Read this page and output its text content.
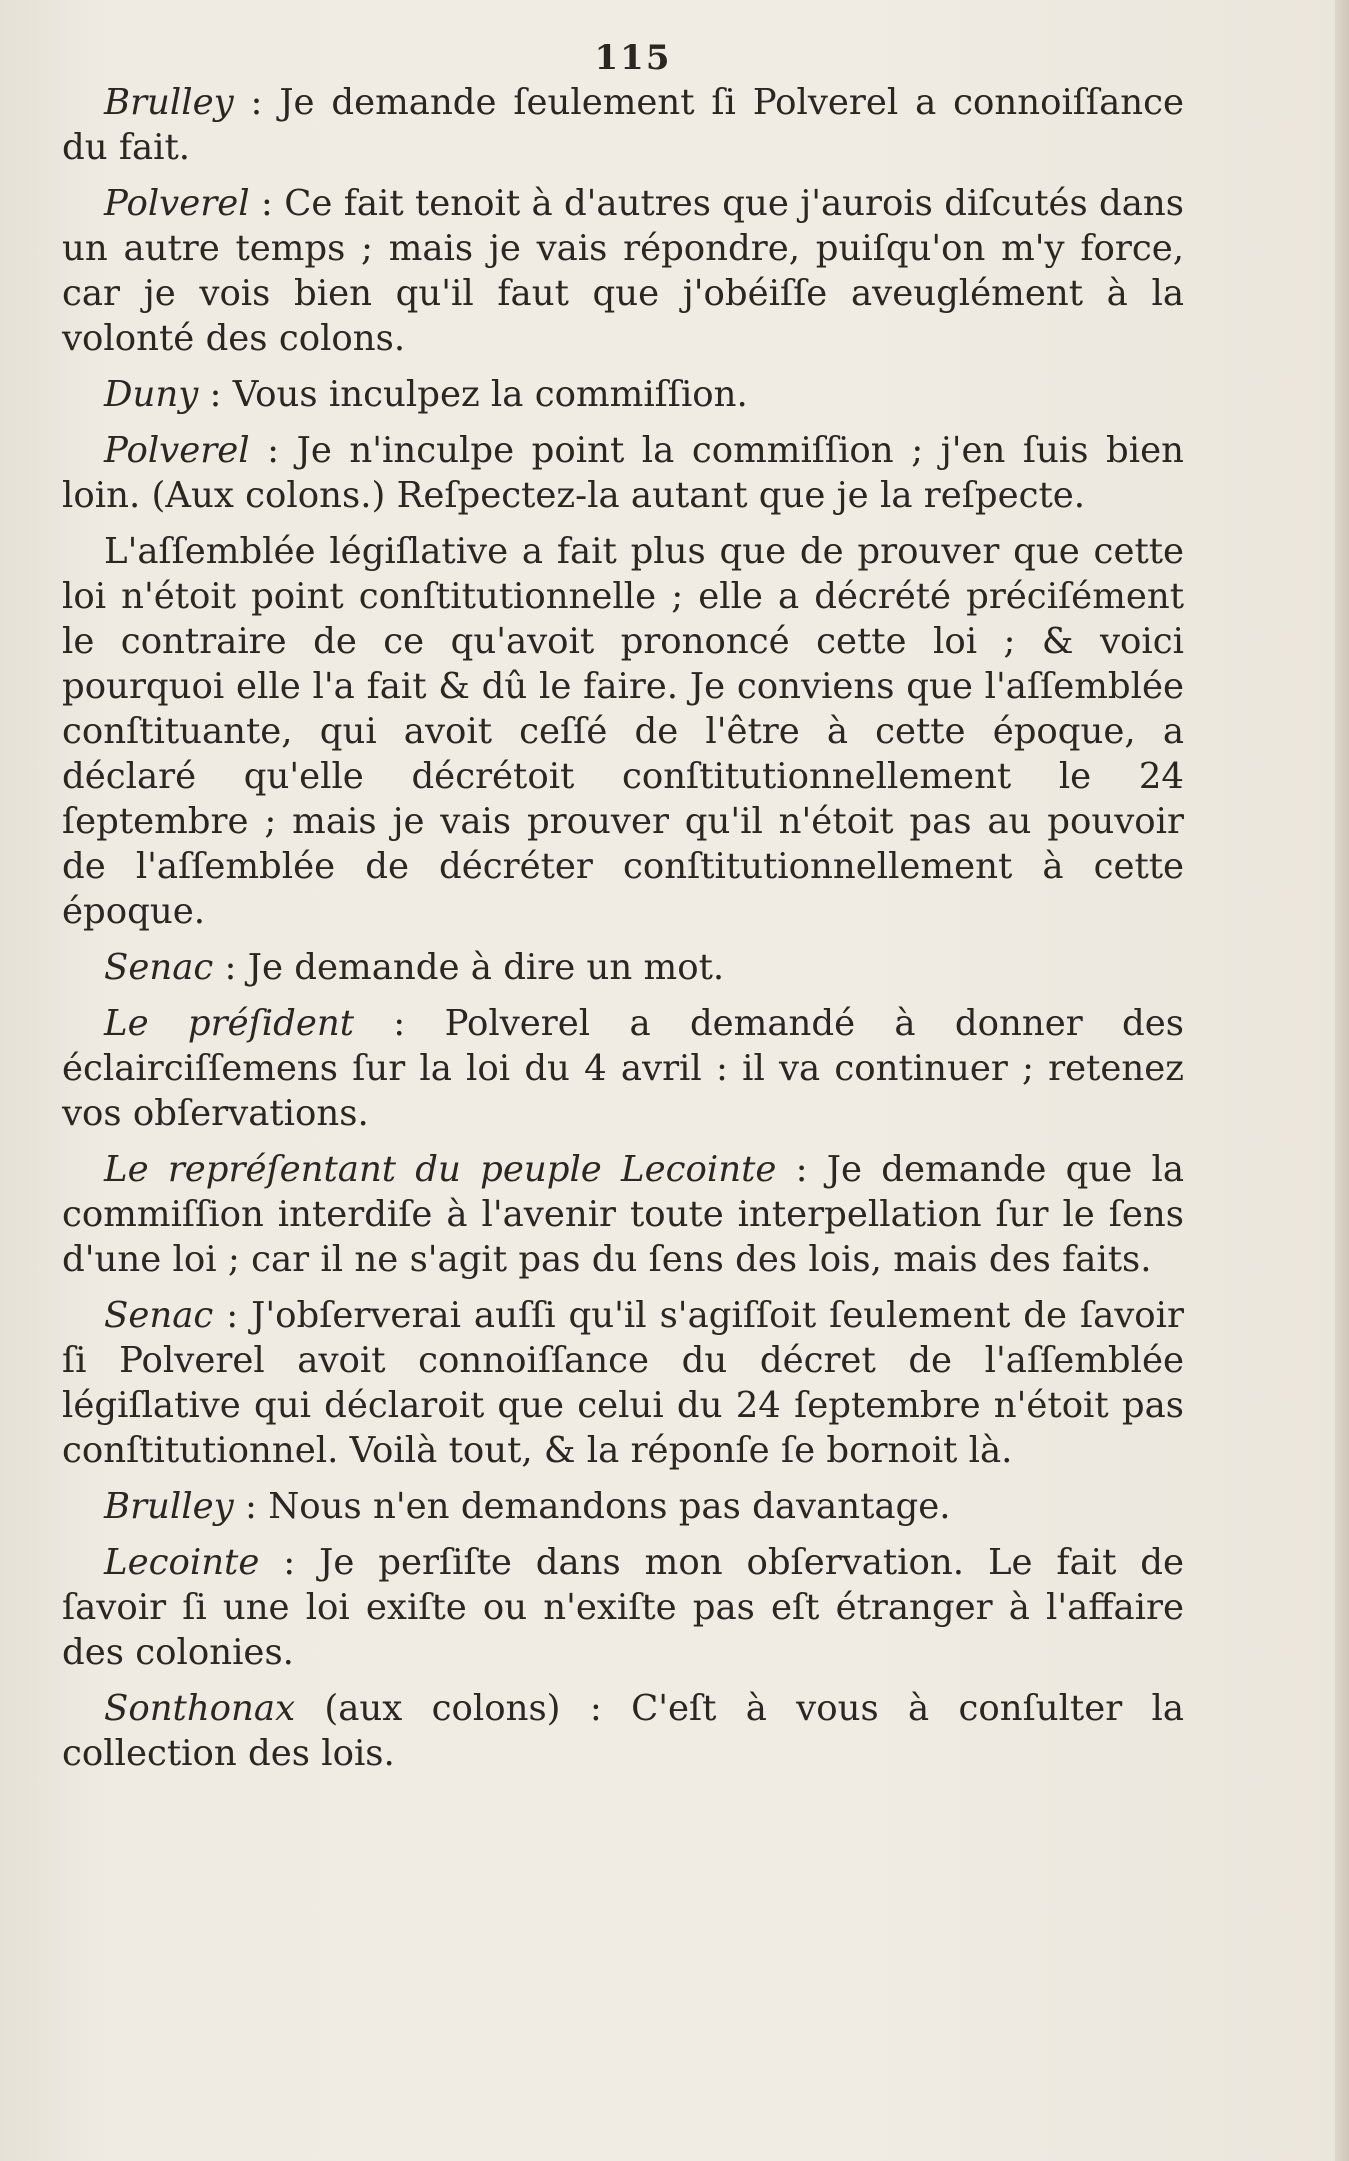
115

Brulley : Je demande ſeulement ſi Polverel a connoiſſance du fait.

Polverel : Ce fait tenoit à d'autres que j'aurois diſcutés dans un autre temps ; mais je vais répondre, puiſqu'on m'y force, car je vois bien qu'il faut que j'obéiſſe aveuglément à la volonté des colons.

Duny : Vous inculpez la commiſſion.

Polverel : Je n'inculpe point la commiſſion ; j'en ſuis bien loin. (Aux colons.) Reſpectez-la autant que je la reſpecte.

L'aſſemblée légiſlative a fait plus que de prouver que cette loi n'étoit point conſtitutionnelle ; elle a décrété préciſément le contraire de ce qu'avoit prononcé cette loi ; & voici pourquoi elle l'a fait & dû le faire. Je conviens que l'aſſemblée conſtituante, qui avoit ceſſé de l'être à cette époque, a déclaré qu'elle décrétoit conſtitutionnellement le 24 ſeptembre ; mais je vais prouver qu'il n'étoit pas au pouvoir de l'aſſemblée de décréter conſtitutionnellement à cette époque.

Senac : Je demande à dire un mot.

Le préſident : Polverel a demandé à donner des éclairciſſemens ſur la loi du 4 avril : il va continuer ; retenez vos obſervations.

Le repréſentant du peuple Lecointe : Je demande que la commiſſion interdiſe à l'avenir toute interpellation ſur le ſens d'une loi ; car il ne s'agit pas du ſens des lois, mais des faits.

Senac : J'obſerverai auſſi qu'il s'agiſſoit ſeulement de ſavoir ſi Polverel avoit connoiſſance du décret de l'aſſemblée légiſlative qui déclaroit que celui du 24 ſeptembre n'étoit pas conſtitutionnel. Voilà tout, & la réponſe ſe bornoit là.

Brulley : Nous n'en demandons pas davantage.

Lecointe : Je perſiſte dans mon obſervation. Le fait de ſavoir ſi une loi exiſte ou n'exiſte pas eſt étranger à l'affaire des colonies.

Sonthonax (aux colons) : C'eſt à vous à conſulter la collection des lois.
